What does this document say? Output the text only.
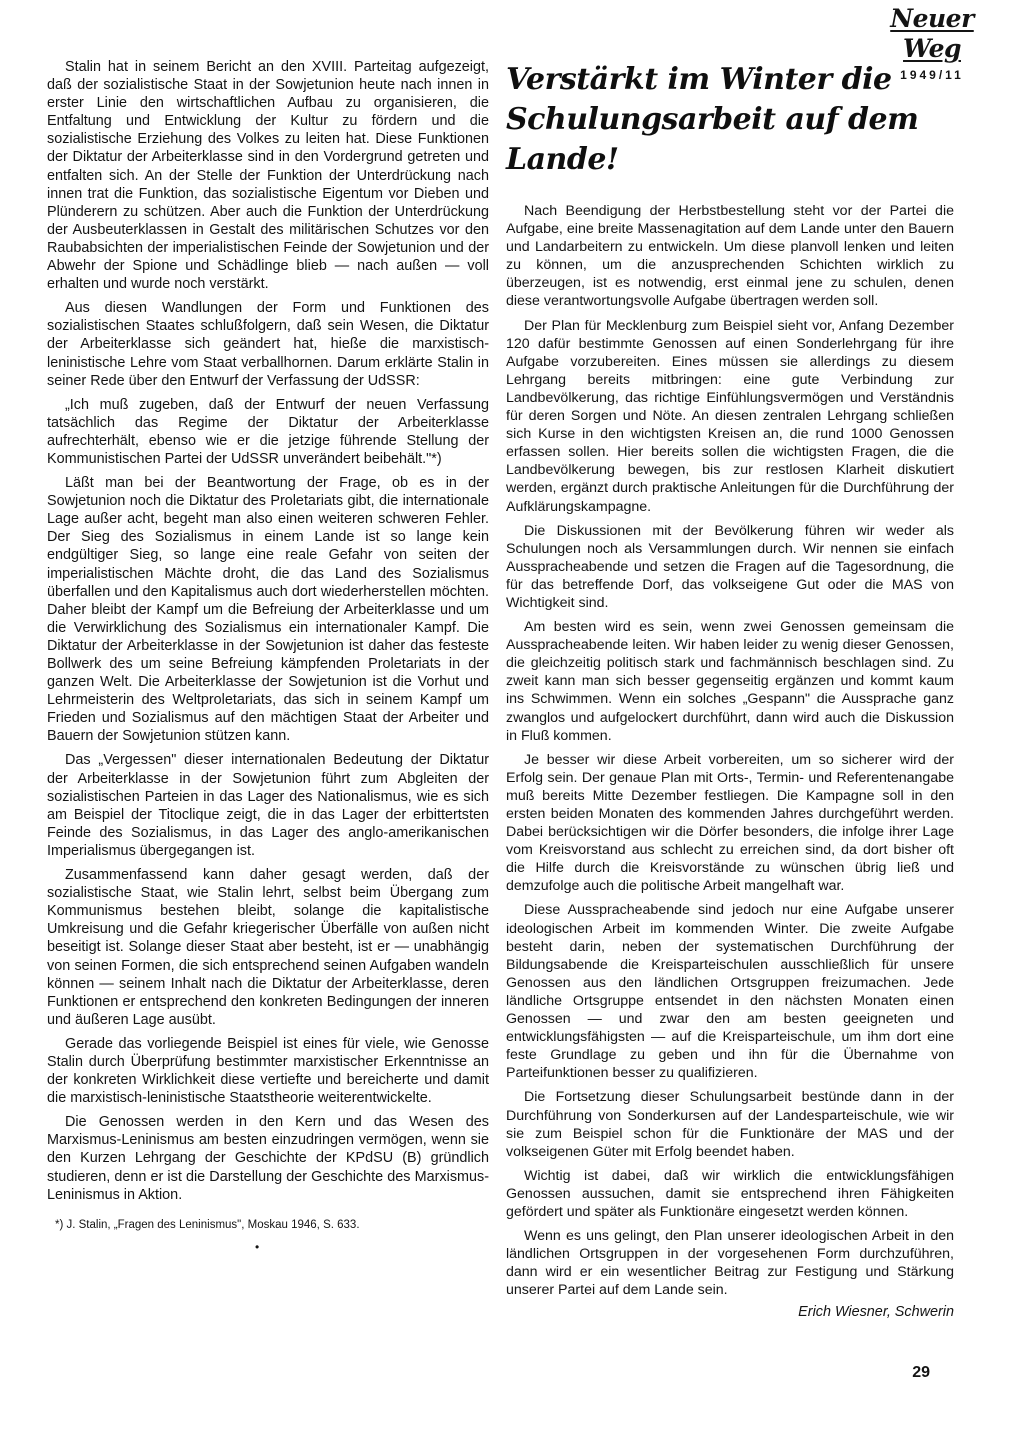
Neuer Weg
1949/11

Stalin hat in seinem Bericht an den XVIII. Parteitag aufgezeigt, daß der sozialistische Staat in der Sowjetunion heute nach innen in erster Linie den wirtschaftlichen Aufbau zu organisieren, die Entfaltung und Entwicklung der Kultur zu fördern und die sozialistische Erziehung des Volkes zu leiten hat. Diese Funktionen der Diktatur der Arbeiterklasse sind in den Vordergrund getreten und entfalten sich. An der Stelle der Funktion der Unterdrückung nach innen trat die Funktion, das sozialistische Eigentum vor Dieben und Plünderern zu schützen. Aber auch die Funktion der Unterdrückung der Ausbeuterklassen in Gestalt des militärischen Schutzes vor den Raubabsichten der imperialistischen Feinde der Sowjetunion und der Abwehr der Spione und Schädlinge blieb — nach außen — voll erhalten und wurde noch verstärkt.

Aus diesen Wandlungen der Form und Funktionen des sozialistischen Staates schlußfolgern, daß sein Wesen, die Diktatur der Arbeiterklasse sich geändert hat, hieße die marxistisch-leninistische Lehre vom Staat verballhornen. Darum erklärte Stalin in seiner Rede über den Entwurf der Verfassung der UdSSR:

„Ich muß zugeben, daß der Entwurf der neuen Verfassung tatsächlich das Regime der Diktatur der Arbeiterklasse aufrechterhält, ebenso wie er die jetzige führende Stellung der Kommunistischen Partei der UdSSR unverändert beibehält."*)

Läßt man bei der Beantwortung der Frage, ob es in der Sowjetunion noch die Diktatur des Proletariats gibt, die internationale Lage außer acht, begeht man also einen weiteren schweren Fehler. Der Sieg des Sozialismus in einem Lande ist so lange kein endgültiger Sieg, so lange eine reale Gefahr von seiten der imperialistischen Mächte droht, die das Land des Sozialismus überfallen und den Kapitalismus auch dort wiederherstellen möchten. Daher bleibt der Kampf um die Befreiung der Arbeiterklasse und um die Verwirklichung des Sozialismus ein internationaler Kampf. Die Diktatur der Arbeiterklasse in der Sowjetunion ist daher das festeste Bollwerk des um seine Befreiung kämpfenden Proletariats in der ganzen Welt. Die Arbeiterklasse der Sowjetunion ist die Vorhut und Lehrmeisterin des Weltproletariats, das sich in seinem Kampf um Frieden und Sozialismus auf den mächtigen Staat der Arbeiter und Bauern der Sowjetunion stützen kann.

Das „Vergessen" dieser internationalen Bedeutung der Diktatur der Arbeiterklasse in der Sowjetunion führt zum Abgleiten der sozialistischen Parteien in das Lager des Nationalismus, wie es sich am Beispiel der Titoclique zeigt, die in das Lager der erbittertsten Feinde des Sozialismus, in das Lager des anglo-amerikanischen Imperialismus übergegangen ist.

Zusammenfassend kann daher gesagt werden, daß der sozialistische Staat, wie Stalin lehrt, selbst beim Übergang zum Kommunismus bestehen bleibt, solange die kapitalistische Umkreisung und die Gefahr kriegerischer Überfälle von außen nicht beseitigt ist. Solange dieser Staat aber besteht, ist er — unabhängig von seinen Formen, die sich entsprechend seinen Aufgaben wandeln können — seinem Inhalt nach die Diktatur der Arbeiterklasse, deren Funktionen er entsprechend den konkreten Bedingungen der inneren und äußeren Lage ausübt.

Gerade das vorliegende Beispiel ist eines für viele, wie Genosse Stalin durch Überprüfung bestimmter marxistischer Erkenntnisse an der konkreten Wirklichkeit diese vertiefte und bereicherte und damit die marxistisch-leninistische Staatstheorie weiterentwickelte.

Die Genossen werden in den Kern und das Wesen des Marxismus-Leninismus am besten einzudringen vermögen, wenn sie den Kurzen Lehrgang der Geschichte der KPdSU (B) gründlich studieren, denn er ist die Darstellung der Geschichte des Marxismus-Leninismus in Aktion.

*) J. Stalin, „Fragen des Leninismus", Moskau 1946, S. 633.
•
Verstärkt im Winter die Schulungsarbeit auf dem Lande!

Nach Beendigung der Herbstbestellung steht vor der Partei die Aufgabe, eine breite Massenagitation auf dem Lande unter den Bauern und Landarbeitern zu entwickeln. Um diese planvoll lenken und leiten zu können, um die anzusprechenden Schichten wirklich zu überzeugen, ist es notwendig, erst einmal jene zu schulen, denen diese verantwortungsvolle Aufgabe übertragen werden soll.

Der Plan für Mecklenburg zum Beispiel sieht vor, Anfang Dezember 120 dafür bestimmte Genossen auf einen Sonderlehrgang für ihre Aufgabe vorzubereiten. Eines müssen sie allerdings zu diesem Lehrgang bereits mitbringen: eine gute Verbindung zur Landbevölkerung, das richtige Einfühlungsvermögen und Verständnis für deren Sorgen und Nöte. An diesen zentralen Lehrgang schließen sich Kurse in den wichtigsten Kreisen an, die rund 1000 Genossen erfassen sollen. Hier bereits sollen die wichtigsten Fragen, die die Landbevölkerung bewegen, bis zur restlosen Klarheit diskutiert werden, ergänzt durch praktische Anleitungen für die Durchführung der Aufklärungskampagne.

Die Diskussionen mit der Bevölkerung führen wir weder als Schulungen noch als Versammlungen durch. Wir nennen sie einfach Ausspracheabende und setzen die Fragen auf die Tagesordnung, die für das betreffende Dorf, das volkseigene Gut oder die MAS von Wichtigkeit sind.

Am besten wird es sein, wenn zwei Genossen gemeinsam die Ausspracheabende leiten. Wir haben leider zu wenig dieser Genossen, die gleichzeitig politisch stark und fachmännisch beschlagen sind. Zu zweit kann man sich besser gegenseitig ergänzen und kommt kaum ins Schwimmen. Wenn ein solches „Gespann" die Aussprache ganz zwanglos und aufgelockert durchführt, dann wird auch die Diskussion in Fluß kommen.

Je besser wir diese Arbeit vorbereiten, um so sicherer wird der Erfolg sein. Der genaue Plan mit Orts-, Termin- und Referentenangabe muß bereits Mitte Dezember festliegen. Die Kampagne soll in den ersten beiden Monaten des kommenden Jahres durchgeführt werden. Dabei berücksichtigen wir die Dörfer besonders, die infolge ihrer Lage vom Kreisvorstand aus schlecht zu erreichen sind, da dort bisher oft die Hilfe durch die Kreisvorstände zu wünschen übrig ließ und demzufolge auch die politische Arbeit mangelhaft war.

Diese Ausspracheabende sind jedoch nur eine Aufgabe unserer ideologischen Arbeit im kommenden Winter. Die zweite Aufgabe besteht darin, neben der systematischen Durchführung der Bildungsabende die Kreisparteischulen ausschließlich für unsere Genossen aus den ländlichen Ortsgruppen freizumachen. Jede ländliche Ortsgruppe entsendet in den nächsten Monaten einen Genossen — und zwar den am besten geeigneten und entwicklungsfähigsten — auf die Kreisparteischule, um ihm dort eine feste Grundlage zu geben und ihn für die Übernahme von Parteifunktionen besser zu qualifizieren.

Die Fortsetzung dieser Schulungsarbeit bestünde dann in der Durchführung von Sonderkursen auf der Landesparteischule, wie wir sie zum Beispiel schon für die Funktionäre der MAS und der volkseigenen Güter mit Erfolg beendet haben.

Wichtig ist dabei, daß wir wirklich die entwicklungsfähigen Genossen aussuchen, damit sie entsprechend ihren Fähigkeiten gefördert und später als Funktionäre eingesetzt werden können.

Wenn es uns gelingt, den Plan unserer ideologischen Arbeit in den ländlichen Ortsgruppen in der vorgesehenen Form durchzuführen, dann wird er ein wesentlicher Beitrag zur Festigung und Stärkung unserer Partei auf dem Lande sein.

Erich Wiesner, Schwerin
29
